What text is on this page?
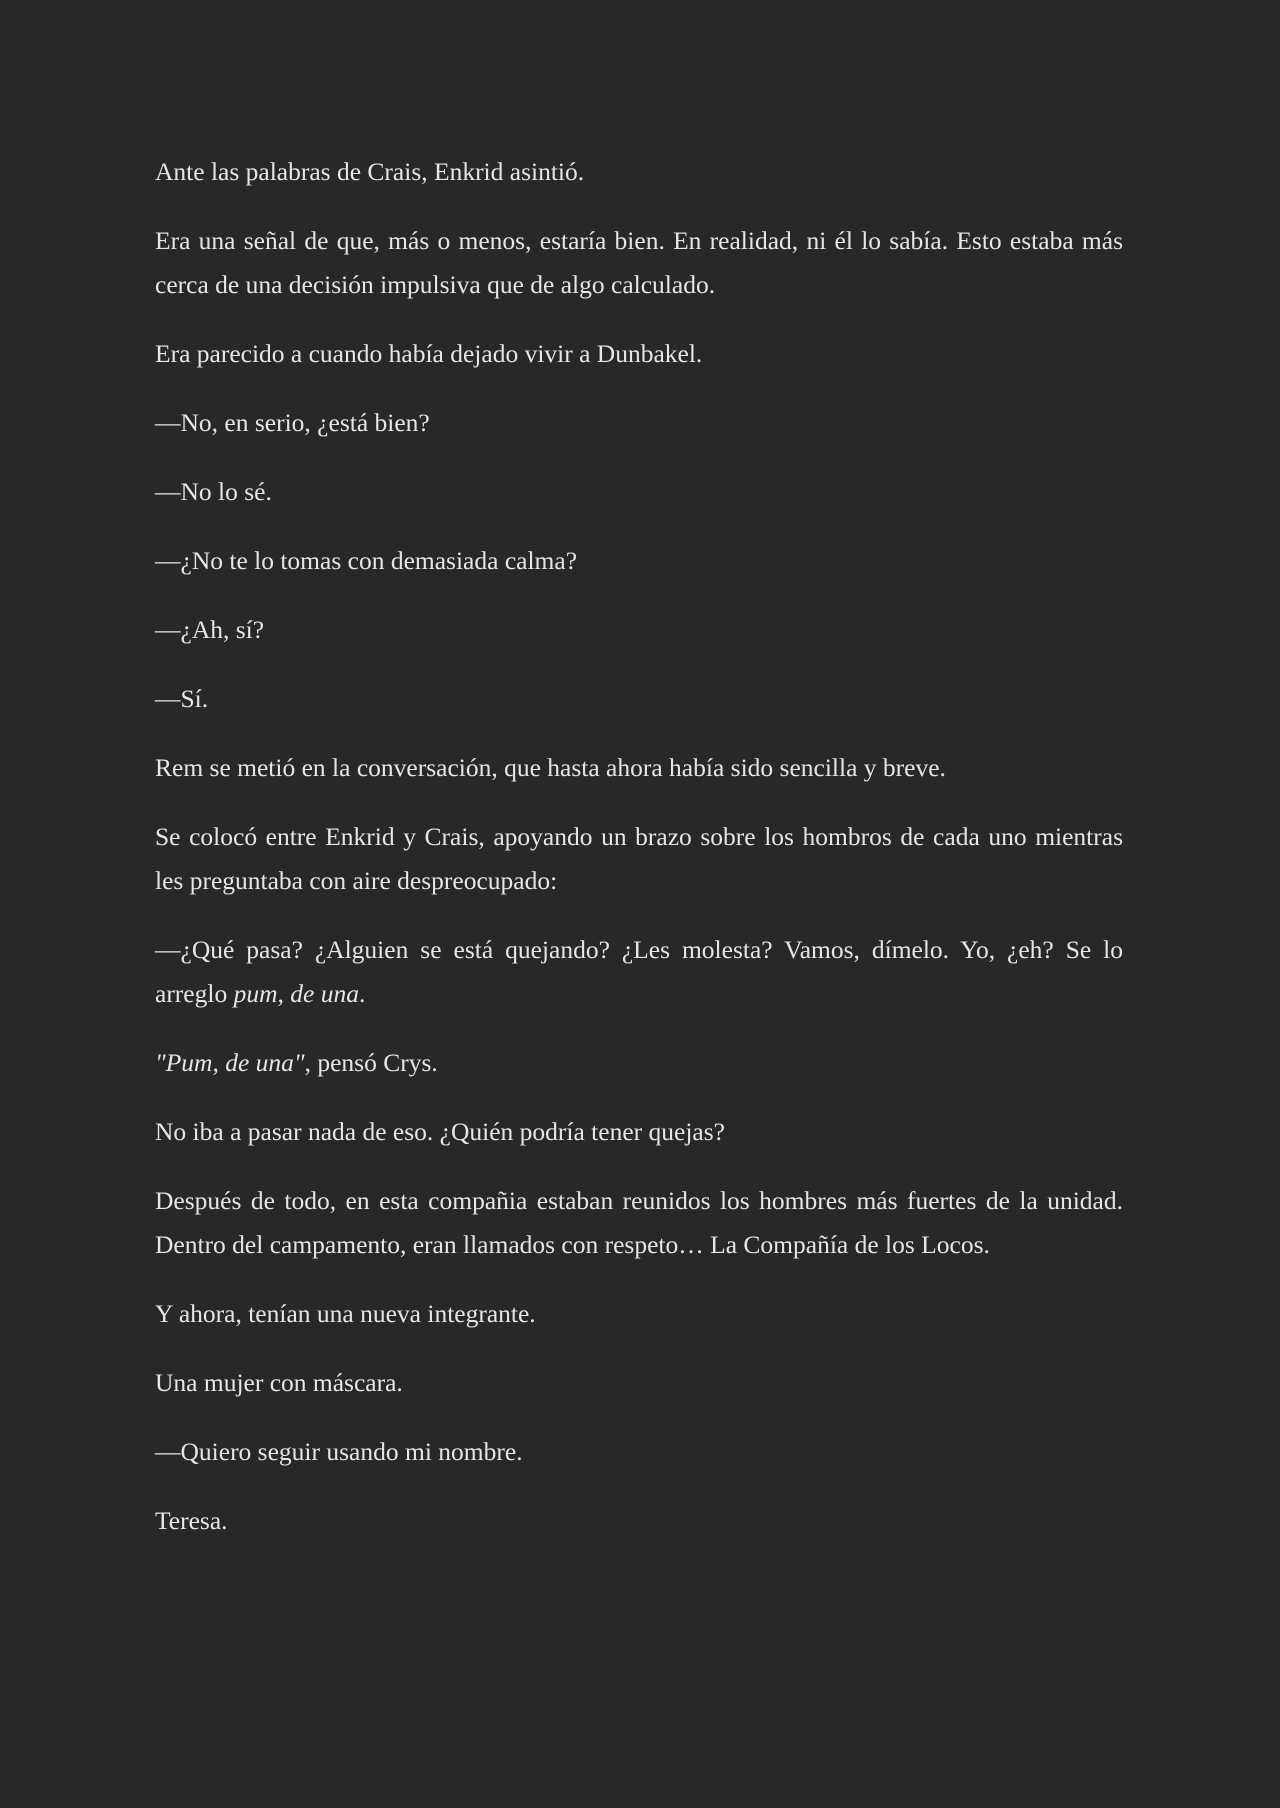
Ante las palabras de Crais, Enkrid asintió.

Era una señal de que, más o menos, estaría bien. En realidad, ni él lo sabía. Esto estaba más cerca de una decisión impulsiva que de algo calculado.

Era parecido a cuando había dejado vivir a Dunbakel.

—No, en serio, ¿está bien?

—No lo sé.

—¿No te lo tomas con demasiada calma?

—¿Ah, sí?

—Sí.

Rem se metió en la conversación, que hasta ahora había sido sencilla y breve.

Se colocó entre Enkrid y Crais, apoyando un brazo sobre los hombros de cada uno mientras les preguntaba con aire despreocupado:

—¿Qué pasa? ¿Alguien se está quejando? ¿Les molesta? Vamos, dímelo. Yo, ¿eh? Se lo arreglo pum, de una.

"Pum, de una", pensó Crys.

No iba a pasar nada de eso. ¿Quién podría tener quejas?

Después de todo, en esta compañia estaban reunidos los hombres más fuertes de la unidad. Dentro del campamento, eran llamados con respeto… La Compañía de los Locos.

Y ahora, tenían una nueva integrante.

Una mujer con máscara.

—Quiero seguir usando mi nombre.

Teresa.
